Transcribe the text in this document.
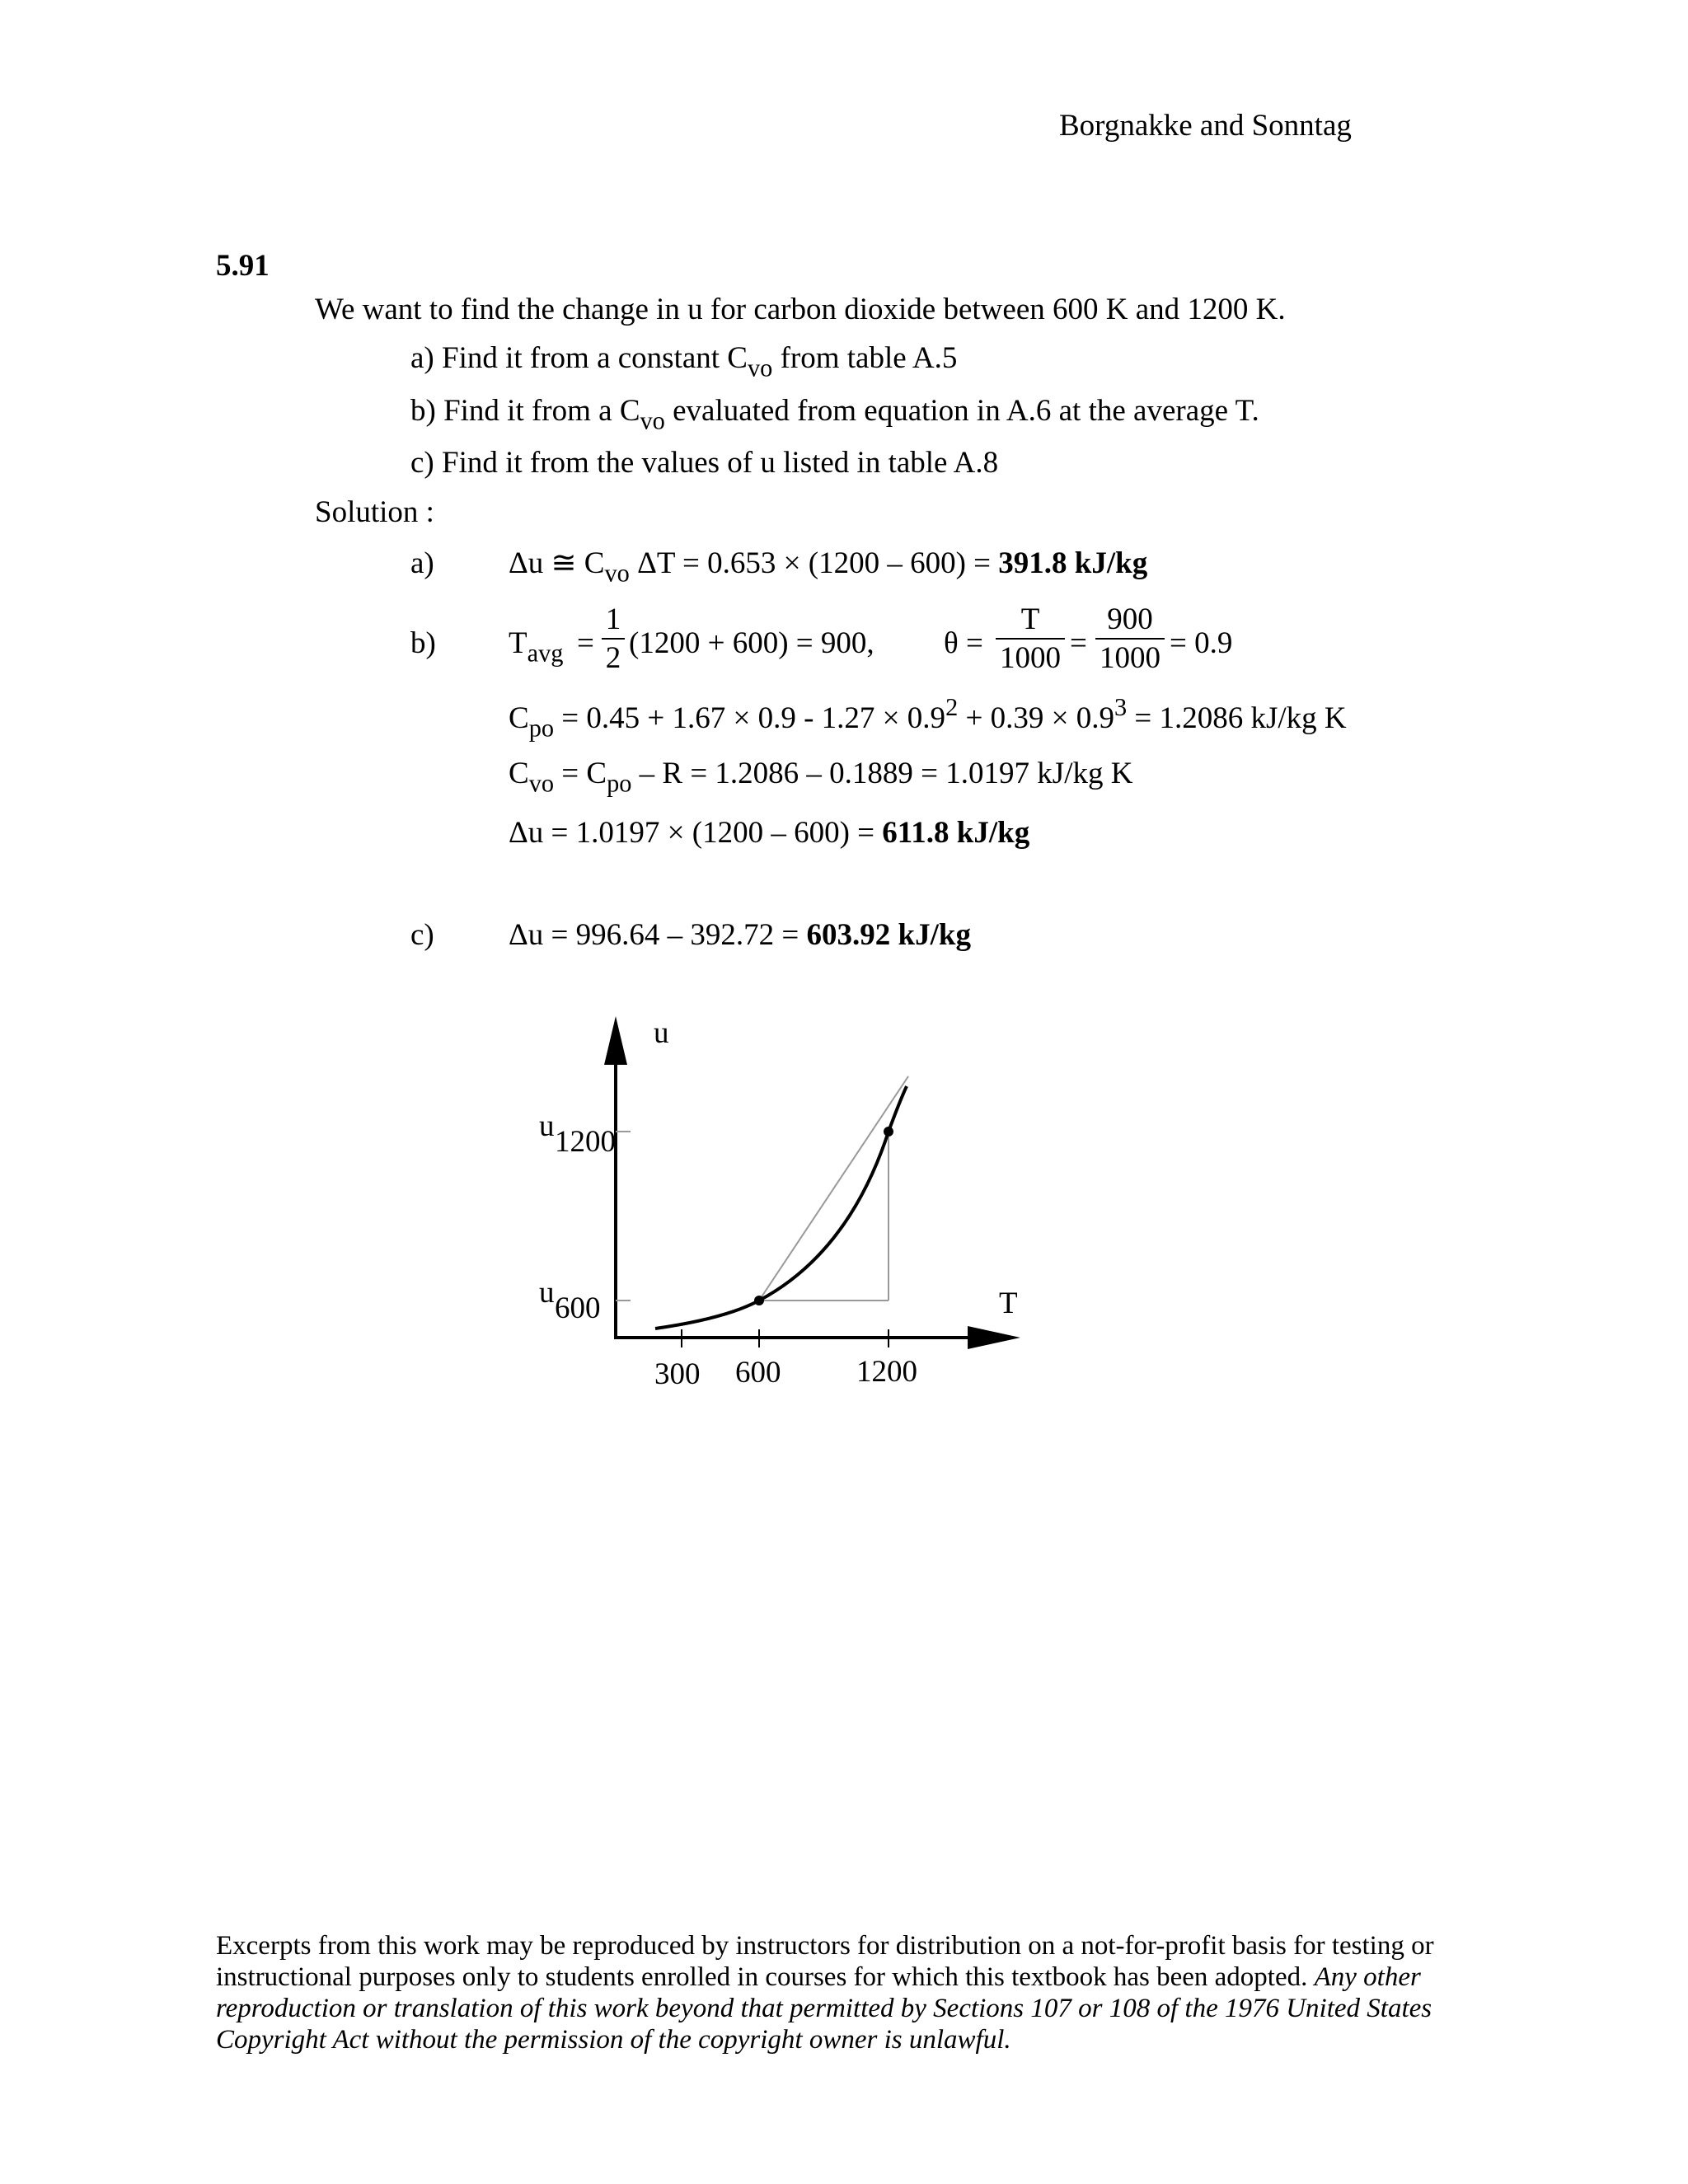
Borgnakke and Sonntag
5.91
We want to find the change in u for carbon dioxide between 600 K and 1200 K.
a) Find it from a constant $C_{vo}$ from table A.5
b) Find it from a $C_{vo}$ evaluated from equation in A.6 at the average T.
c) Find it from the values of u listed in table A.8
Solution :
a) Δu ≅ $C_{vo}$ ΔT = 0.653 × (1200 – 600) = 391.8 kJ/kg
b) $T_{avg} = \frac{1}{2} (1200 + 600) = 900$, $\theta = \frac{T}{1000} = \frac{900}{1000} = 0.9$
$C_{po} = 0.45 + 1.67 \times 0.9 - 1.27 \times 0.9^2 + 0.39 \times 0.9^3 = 1.2086$ kJ/kg K
$C_{vo} = C_{po} - R = 1.2086 - 0.1889 = 1.0197$ kJ/kg K
Δu = 1.0197 × (1200 – 600) = 611.8 kJ/kg
c) Δu = 996.64 – 392.72 = 603.92 kJ/kg
u
T
u 1200
u 600
300 600 1200
Excerpts from this work may be reproduced by instructors for distribution on a not-for-profit basis for testing or instructional purposes only to students enrolled in courses for which this textbook has been adopted. Any other reproduction or translation of this work beyond that permitted by Sections 107 or 108 of the 1976 United States Copyright Act without the permission of the copyright owner is unlawful.
